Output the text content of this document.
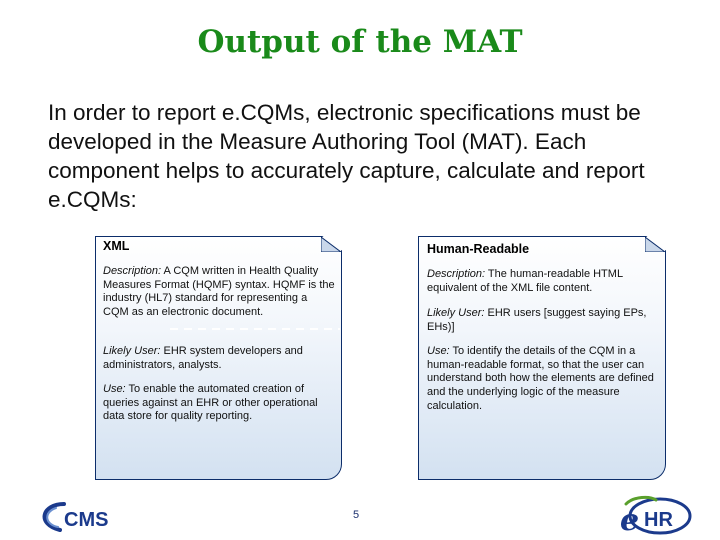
Output of the MAT
In order to report e.CQMs, electronic specifications must be developed in the Measure Authoring Tool (MAT). Each component helps to accurately capture, calculate and report e.CQMs:
XML
Description: A CQM written in Health Quality Measures Format (HQMF) syntax. HQMF is the industry (HL7) standard for representing a CQM as an electronic document.
Likely User: EHR system developers and administrators, analysts.
Use: To enable the automated creation of queries against an EHR or other operational data store for quality reporting.
Human-Readable
Description: The human-readable HTML equivalent of the XML file content.
Likely User: EHR users [suggest saying EPs, EHs)]
Use: To identify the details of the CQM in a human-readable format, so that the user can understand both how the elements are defined and the underlying logic of the measure calculation.
CMS	5	e HR
